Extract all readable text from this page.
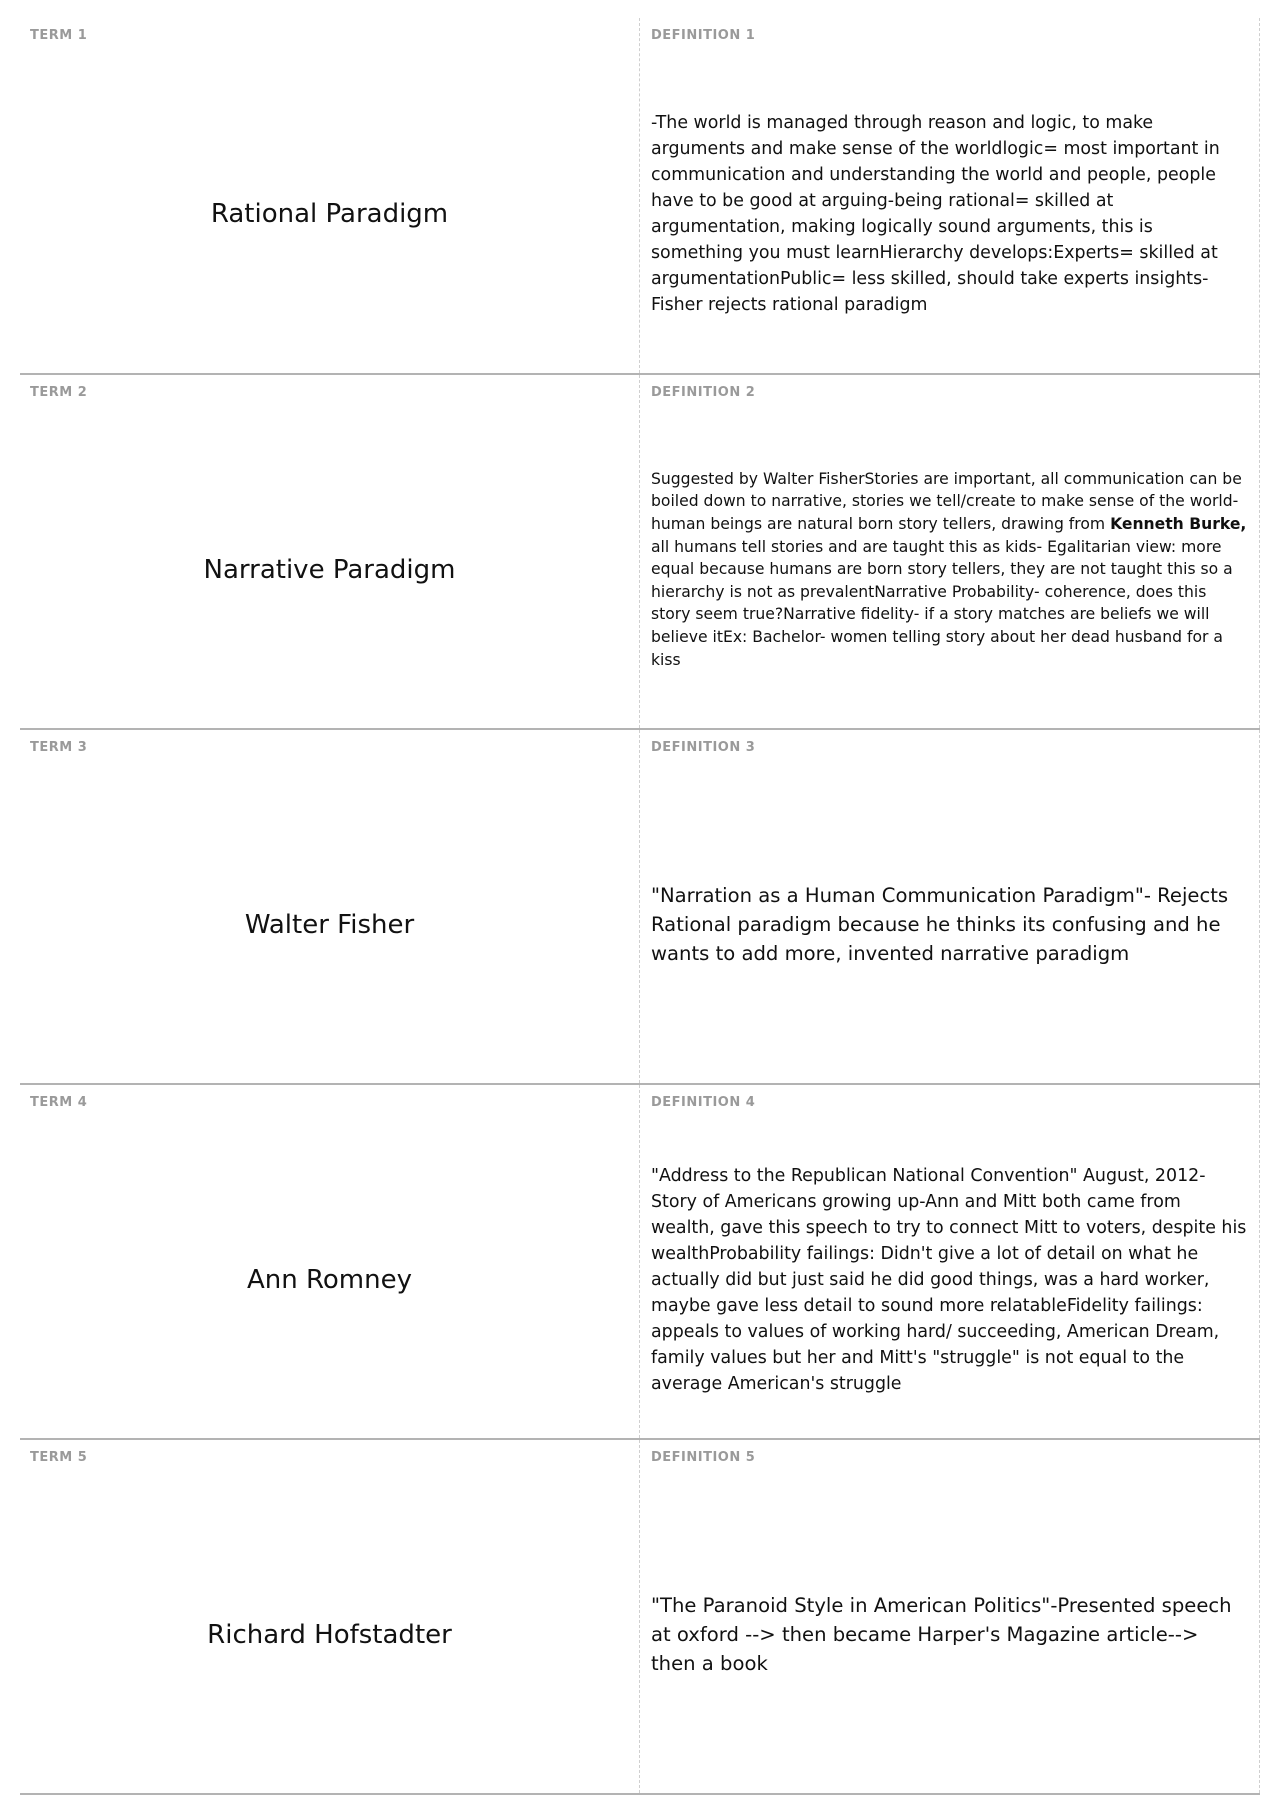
TERM 1
Rational Paradigm
DEFINITION 1
-The world is managed through reason and logic, to make arguments and make sense of the worldlogic= most important in communication and understanding the world and people, people have to be good at arguing-being rational= skilled at argumentation, making logically sound arguments, this is something you must learnHierarchy develops:Experts= skilled at argumentationPublic= less skilled, should take experts insights- Fisher rejects rational paradigm
TERM 2
Narrative Paradigm
DEFINITION 2
Suggested by Walter FisherStories are important, all communication can be boiled down to narrative, stories we tell/create to make sense of the world-human beings are natural born story tellers, drawing from Kenneth Burke, all humans tell stories and are taught this as kids- Egalitarian view: more equal because humans are born story tellers, they are not taught this so a hierarchy is not as prevalentNarrative Probability- coherence, does this story seem true?Narrative fidelity- if a story matches are beliefs we will believe itEx: Bachelor- women telling story about her dead husband for a kiss
TERM 3
Walter Fisher
DEFINITION 3
"Narration as a Human Communication Paradigm"- Rejects Rational paradigm because he thinks its confusing and he wants to add more, invented narrative paradigm
TERM 4
Ann Romney
DEFINITION 4
"Address to the Republican National Convention" August, 2012- Story of Americans growing up-Ann and Mitt both came from wealth, gave this speech to try to connect Mitt to voters, despite his wealthProbability failings: Didn't give a lot of detail on what he actually did but just said he did good things, was a hard worker, maybe gave less detail to sound more relatableFidelity failings: appeals to values of working hard/ succeeding, American Dream, family values but her and Mitt's "struggle" is not equal to the average American's struggle
TERM 5
Richard Hofstadter
DEFINITION 5
"The Paranoid Style in American Politics"-Presented speech at oxford --> then became Harper's Magazine article--> then a book
